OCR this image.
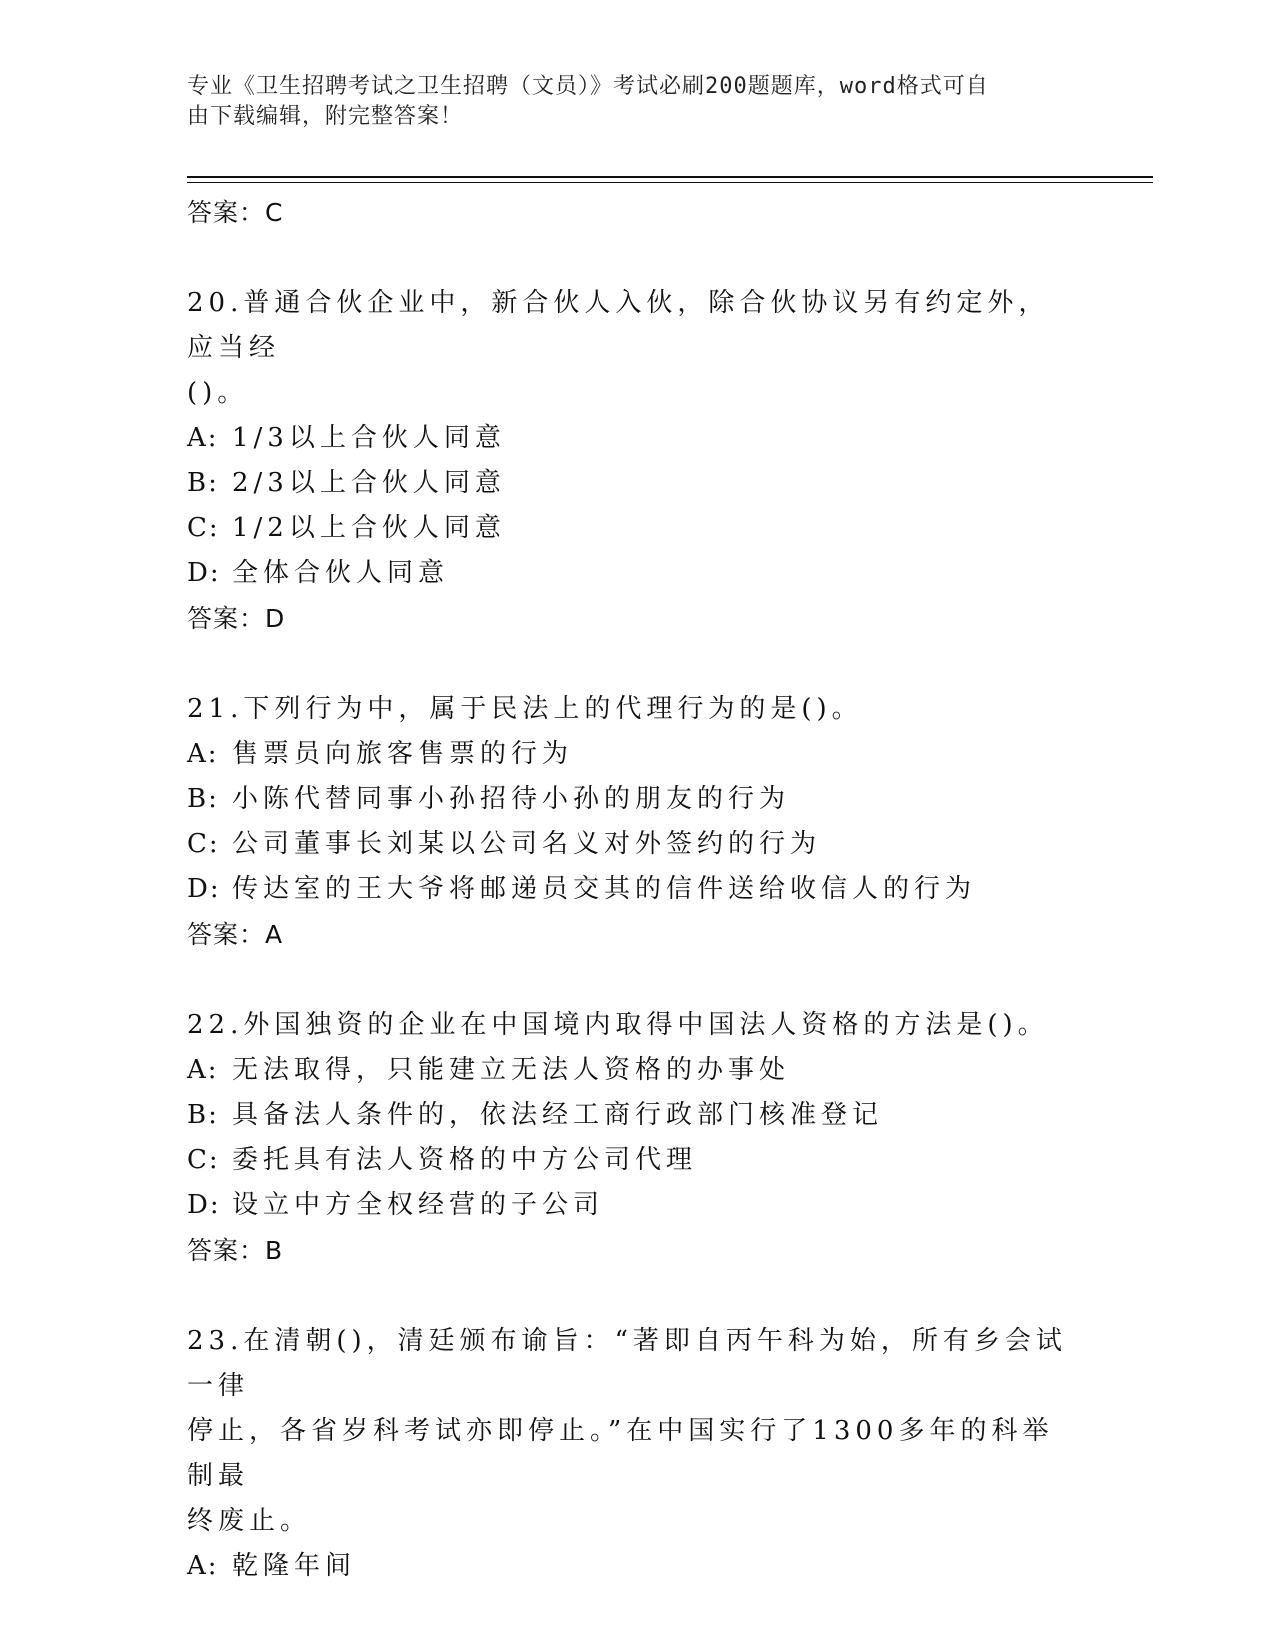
专业《卫生招聘考试之卫生招聘（文员）》考试必刷200题题库，word格式可自
由下载编辑，附完整答案！
答案：C
20.普通合伙企业中，新合伙人入伙，除合伙协议另有约定外，应当经
()。
A: 1/3以上合伙人同意
B: 2/3以上合伙人同意
C: 1/2以上合伙人同意
D: 全体合伙人同意
答案：D
21.下列行为中，属于民法上的代理行为的是()。
A: 售票员向旅客售票的行为
B: 小陈代替同事小孙招待小孙的朋友的行为
C: 公司董事长刘某以公司名义对外签约的行为
D: 传达室的王大爷将邮递员交其的信件送给收信人的行为
答案：A
22.外国独资的企业在中国境内取得中国法人资格的方法是()。
A: 无法取得，只能建立无法人资格的办事处
B: 具备法人条件的，依法经工商行政部门核准登记
C: 委托具有法人资格的中方公司代理
D: 设立中方全权经营的子公司
答案：B
23.在清朝()，清廷颁布谕旨：“著即自丙午科为始，所有乡会试一律
停止，各省岁科考试亦即停止。”在中国实行了1300多年的科举制最
终废止。
A: 乾隆年间
